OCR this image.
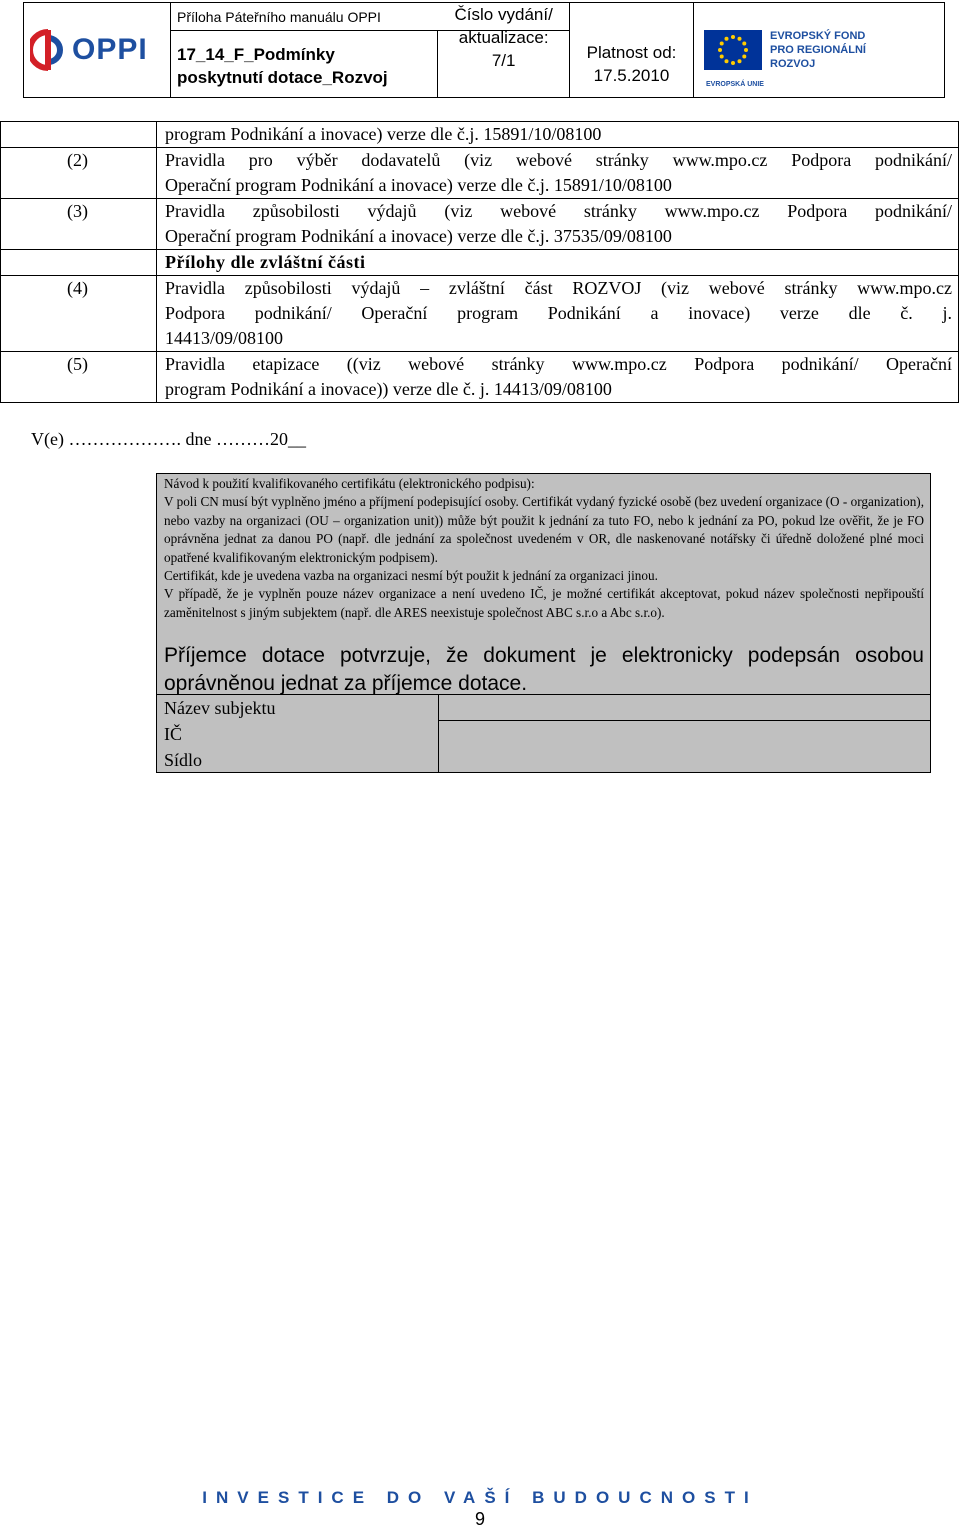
OPPI
Příloha Páteřního manuálu OPPI
17_14_F_Podmínky
poskytnutí dotace_Rozvoj
Číslo vydání/
aktualizace:
7/1	Platnost od:
17.5.2010
EVROPSKÝ FOND
PRO REGIONÁLNÍ
ROZVOJ
EVROPSKÁ UNIE
program Podnikání a inovace) verze dle č.j. 15891/10/08100
(2)	Pravidla pro výběr dodavatelů (viz webové stránky www.mpo.cz Podpora podnikání/
Operační program Podnikání a inovace) verze dle č.j. 15891/10/08100
(3)	Pravidla způsobilosti výdajů (viz webové stránky www.mpo.cz Podpora podnikání/
Operační program Podnikání a inovace) verze dle č.j. 37535/09/08100
Přílohy dle zvláštní části
(4)	Pravidla způsobilosti výdajů – zvláštní část ROZVOJ (viz webové stránky www.mpo.cz
Podpora podnikání/ Operační program Podnikání a inovace) verze dle č. j.
14413/09/08100
(5)	Pravidla etapizace ((viz webové stránky www.mpo.cz Podpora podnikání/ Operační
program Podnikání a inovace)) verze dle č. j. 14413/09/08100
V(e) ………………. dne ………20__
Návod k použití kvalifikovaného certifikátu (elektronického podpisu):
V poli CN musí být vyplněno jméno a příjmení podepisující osoby. Certifikát vydaný fyzické osobě (bez uvedení organizace (O - organization), nebo vazby na organizaci (OU – organization unit)) může být použit k jednání za tuto FO, nebo k jednání za PO, pokud lze ověřit, že je FO oprávněna jednat za danou PO (např. dle jednání za společnost uvedeném v OR, dle naskenované notářsky či úředně doložené plné moci opatřené kvalifikovaným elektronickým podpisem).
Certifikát, kde je uvedena vazba na organizaci nesmí být použit k jednání za organizaci jinou.
V případě, že je vyplněn pouze název organizace a není uvedeno IČ, je možné certifikát akceptovat, pokud název společnosti nepřipouští zaměnitelnost s jiným subjektem (např. dle ARES neexistuje společnost ABC s.r.o a Abc s.r.o).
Příjemce dotace potvrzuje, že dokument je elektronicky podepsán osobou
oprávněnou jednat za příjemce dotace.
Název subjektu
IČ
Sídlo
INVESTICE DO VAŠÍ BUDOUCNOSTI
9
